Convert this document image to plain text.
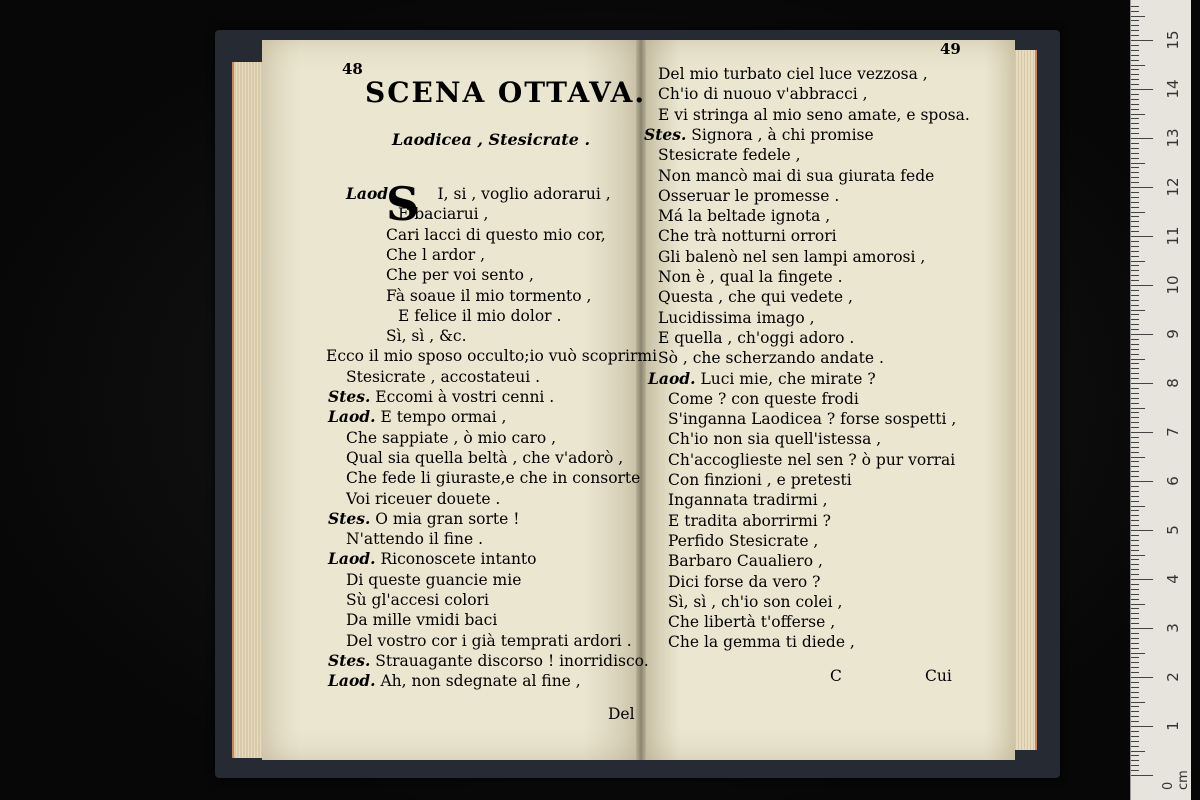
48
SCENA OTTAVA.
Laodicea , Stesicrate .
S
Laod.	I, si , voglio adorarui ,
E baciarui ,
Cari lacci di questo mio cor,
Che l ardor ,
Che per voi sento ,
Fà soaue il mio tormento ,
E felice il mio dolor .
Sì, sì , &c.
Ecco il mio sposo occulto;io vuò scoprirmi
Stesicrate , accostateui .
Stes. Eccomi à vostri cenni .
Laod. E tempo ormai ,
Che sappiate , ò mio caro ,
Qual sia quella beltà , che v'adorò ,
Che fede li giuraste,e che in consorte
Voi riceuer douete .
Stes. O mia gran sorte !
N'attendo il fine .
Laod. Riconoscete intanto
Di queste guancie mie
Sù gl'accesi colori
Da mille vmidi baci
Del vostro cor i già temprati ardori .
Stes. Strauagante discorso ! inorridisco.
Laod. Ah, non sdegnate al fine ,
Del
49
Del mio turbato ciel luce vezzosa ,
Ch'io di nuouo v'abbracci ,
E vi stringa al mio seno amate, e sposa.
Stes. Signora , à chi promise
Stesicrate fedele ,
Non mancò mai di sua giurata fede
Osseruar le promesse .
Má la beltade ignota ,
Che trà notturni orrori
Gli balenò nel sen lampi amorosi ,
Non è , qual la fingete .
Questa , che qui vedete ,
Lucidissima imago ,
E quella , ch'oggi adoro .
Sò , che scherzando andate .
Laod. Luci mie, che mirate ?
Come ? con queste frodi
S'inganna Laodicea ? forse sospetti ,
Ch'io non sia quell'istessa ,
Ch'accoglieste nel sen ? ò pur vorrai
Con finzioni , e pretesti
Ingannata tradirmi ,
E tradita aborrirmi ?
Perfido Stesicrate ,
Barbaro Caualiero ,
Dici forse da vero ?
Sì, sì , ch'io son colei ,
Che libertà t'offerse ,
Che la gemma ti diede ,
C	Cui
0 cm
15
14
13
12
11
10
9
8
7
6
5
4
3
2
1
